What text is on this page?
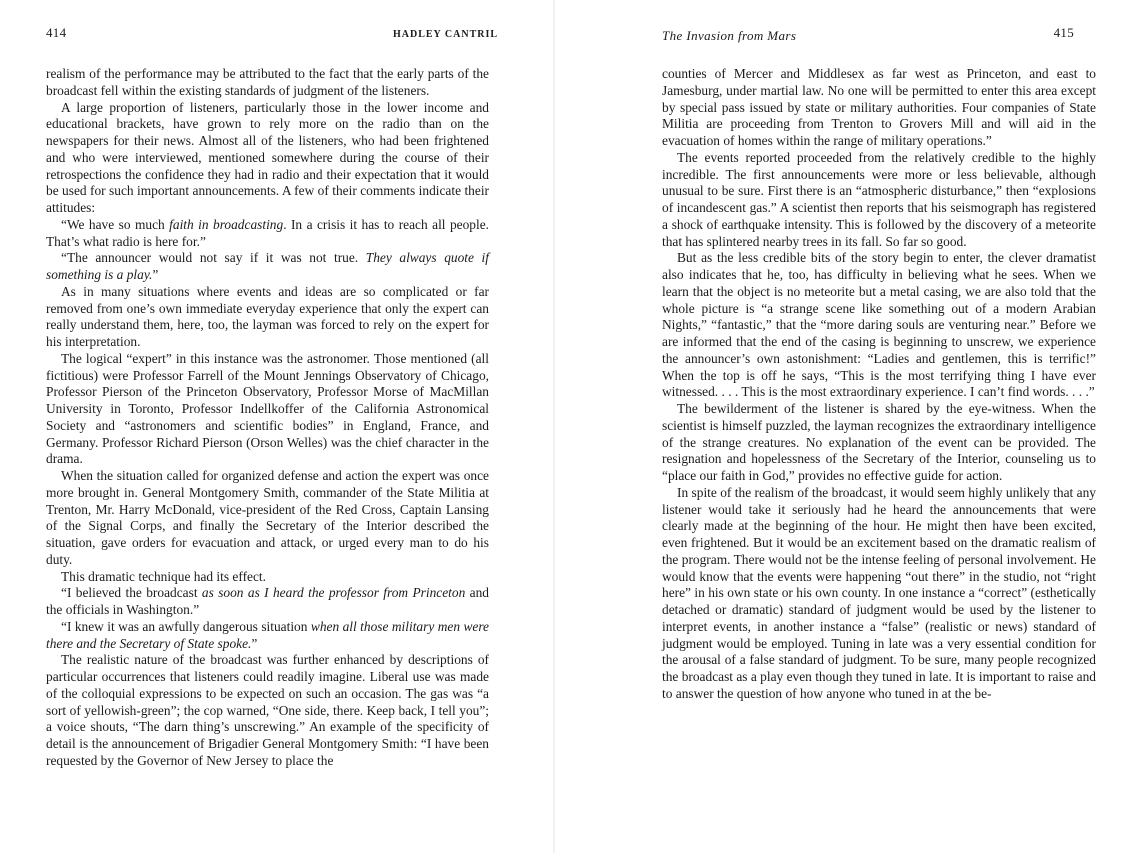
414	HADLEY CANTRIL

realism of the performance may be attributed to the fact that the early parts of the broadcast fell within the existing standards of judgment of the listeners.

A large proportion of listeners, particularly those in the lower income and educational brackets, have grown to rely more on the radio than on the newspapers for their news. Almost all of the listeners, who had been frightened and who were interviewed, mentioned somewhere during the course of their retrospections the confidence they had in radio and their expectation that it would be used for such important announcements. A few of their comments indicate their attitudes:

“We have so much faith in broadcasting. In a crisis it has to reach all people. That’s what radio is here for.”

“The announcer would not say if it was not true. They always quote if something is a play.”

As in many situations where events and ideas are so complicated or far removed from one’s own immediate everyday experience that only the expert can really understand them, here, too, the layman was forced to rely on the expert for his interpretation.

The logical “expert” in this instance was the astronomer. Those mentioned (all fictitious) were Professor Farrell of the Mount Jennings Observatory of Chicago, Professor Pierson of the Princeton Observatory, Professor Morse of MacMillan University in Toronto, Professor Indellkoffer of the California Astronomical Society and “astronomers and scientific bodies” in England, France, and Germany. Professor Richard Pierson (Orson Welles) was the chief character in the drama.

When the situation called for organized defense and action the expert was once more brought in. General Montgomery Smith, commander of the State Militia at Trenton, Mr. Harry McDonald, vice-president of the Red Cross, Captain Lansing of the Signal Corps, and finally the Secretary of the Interior described the situation, gave orders for evacuation and attack, or urged every man to do his duty.

This dramatic technique had its effect.

“I believed the broadcast as soon as I heard the professor from Princeton and the officials in Washington.”

“I knew it was an awfully dangerous situation when all those military men were there and the Secretary of State spoke.”

The realistic nature of the broadcast was further enhanced by descriptions of particular occurrences that listeners could readily imagine. Liberal use was made of the colloquial expressions to be expected on such an occasion. The gas was “a sort of yellowish-green”; the cop warned, “One side, there. Keep back, I tell you”; a voice shouts, “The darn thing’s unscrewing.” An example of the specificity of detail is the announcement of Brigadier General Montgomery Smith: “I have been requested by the Governor of New Jersey to place the

The Invasion from Mars	415

counties of Mercer and Middlesex as far west as Princeton, and east to Jamesburg, under martial law. No one will be permitted to enter this area except by special pass issued by state or military authorities. Four companies of State Militia are proceeding from Trenton to Grovers Mill and will aid in the evacuation of homes within the range of military operations.”

The events reported proceeded from the relatively credible to the highly incredible. The first announcements were more or less believable, although unusual to be sure. First there is an “atmospheric disturbance,” then “explosions of incandescent gas.” A scientist then reports that his seismograph has registered a shock of earthquake intensity. This is followed by the discovery of a meteorite that has splintered nearby trees in its fall. So far so good.

But as the less credible bits of the story begin to enter, the clever dramatist also indicates that he, too, has difficulty in believing what he sees. When we learn that the object is no meteorite but a metal casing, we are also told that the whole picture is “a strange scene like something out of a modern Arabian Nights,” “fantastic,” that the “more daring souls are venturing near.” Before we are informed that the end of the casing is beginning to unscrew, we experience the announcer’s own astonishment: “Ladies and gentlemen, this is terrific!” When the top is off he says, “This is the most terrifying thing I have ever witnessed. . . . This is the most extraordinary experience. I can’t find words. . . .”

The bewilderment of the listener is shared by the eye-witness. When the scientist is himself puzzled, the layman recognizes the extraordinary intelligence of the strange creatures. No explanation of the event can be provided. The resignation and hopelessness of the Secretary of the Interior, counseling us to “place our faith in God,” provides no effective guide for action.

In spite of the realism of the broadcast, it would seem highly unlikely that any listener would take it seriously had he heard the announcements that were clearly made at the beginning of the hour. He might then have been excited, even frightened. But it would be an excitement based on the dramatic realism of the program. There would not be the intense feeling of personal involvement. He would know that the events were happening “out there” in the studio, not “right here” in his own state or his own county. In one instance a “correct” (esthetically detached or dramatic) standard of judgment would be used by the listener to interpret events, in another instance a “false” (realistic or news) standard of judgment would be employed. Tuning in late was a very essential condition for the arousal of a false standard of judgment. To be sure, many people recognized the broadcast as a play even though they tuned in late. It is important to raise and to answer the question of how anyone who tuned in at the be-
